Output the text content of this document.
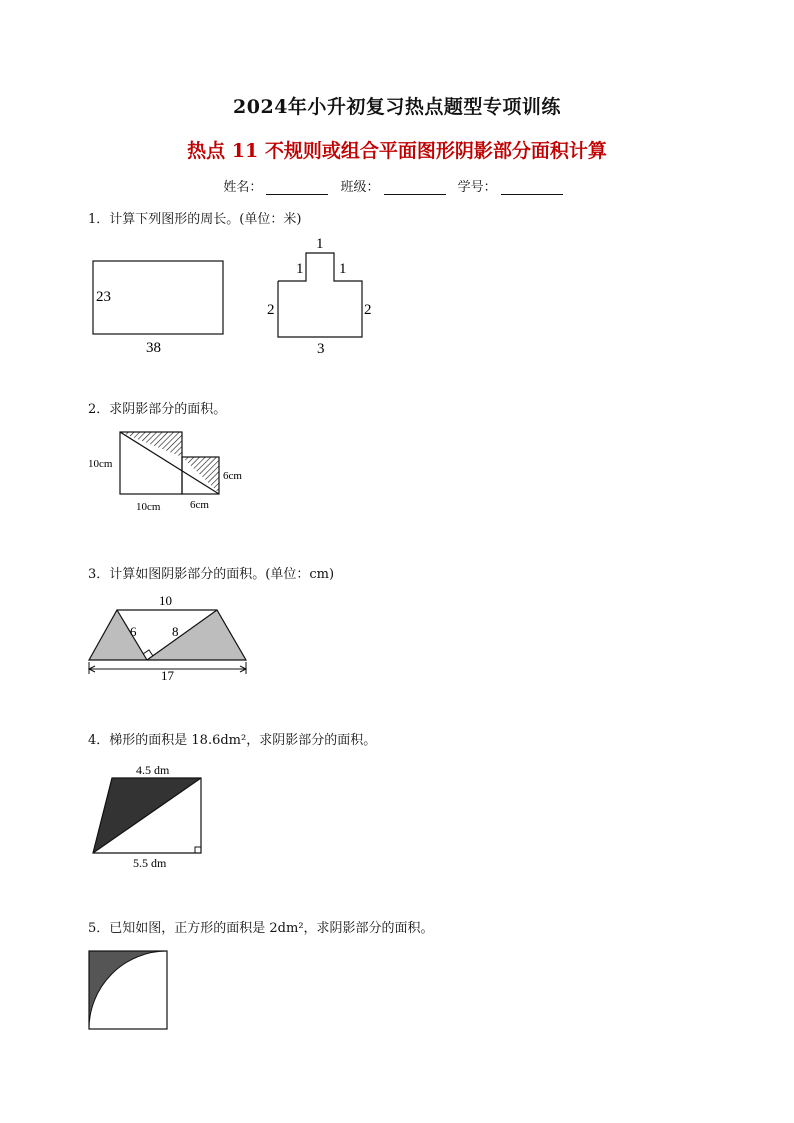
2024年小升初复习热点题型专项训练
热点 11 不规则或组合平面图形阴影部分面积计算
姓名：	班级：	学号：
1．计算下列图形的周长。(单位：米)
23
38
1
1 1
2	2
3
10cm
6cm
10cm	6cm
10
6	8
17
4.5 dm
5.5 dm
2．求阴影部分的面积。
3．计算如图阴影部分的面积。(单位：cm)
4．梯形的面积是 18.6dm²，求阴影部分的面积。
5．已知如图，正方形的面积是 2dm²，求阴影部分的面积。
